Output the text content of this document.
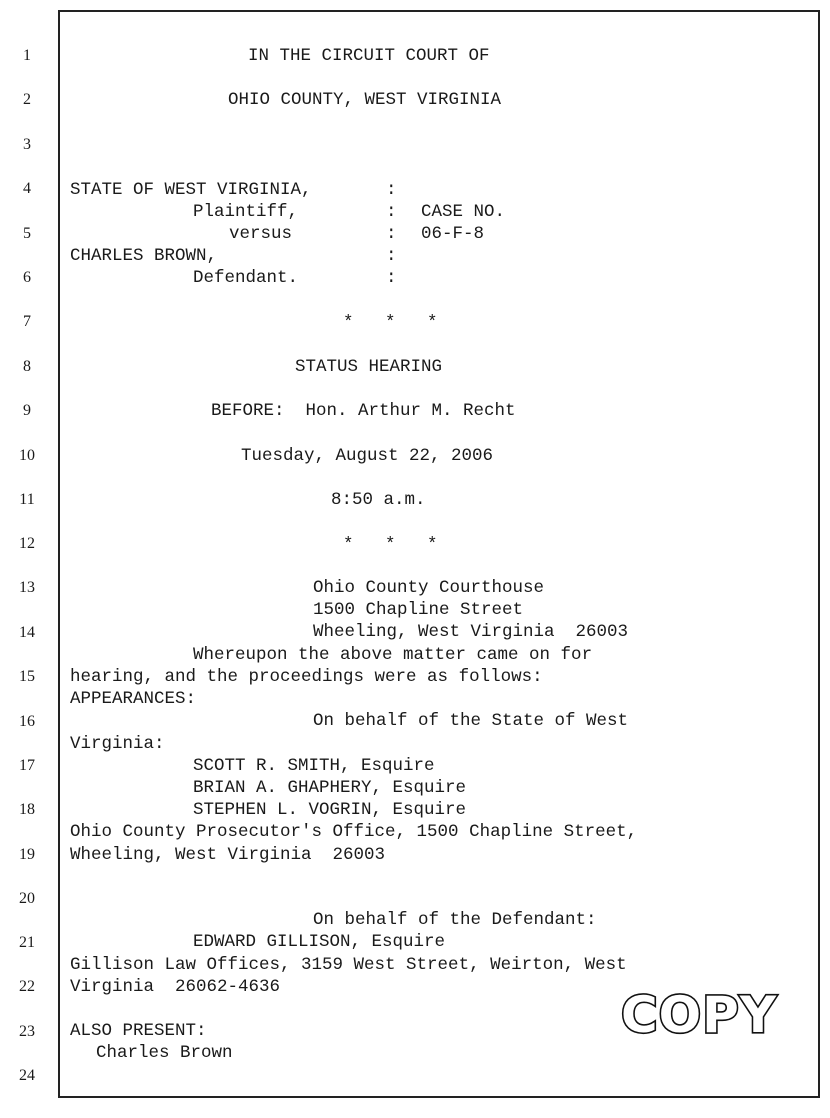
1
2
3
4
5
6
7
8
9
10
11
12
13
14
15
16
17
18
19
20
21
22
23
24
IN THE CIRCUIT COURT OF
OHIO COUNTY, WEST VIRGINIA
STATE OF WEST VIRGINIA,	:
Plaintiff,	: CASE NO.
versus	: 06-F-8
CHARLES BROWN,	:
Defendant.	:
*   *   *
STATUS HEARING
BEFORE:  Hon. Arthur M. Recht
Tuesday, August 22, 2006
8:50 a.m.
*   *   *
Ohio County Courthouse
1500 Chapline Street
Wheeling, West Virginia  26003
Whereupon the above matter came on for
hearing, and the proceedings were as follows:
APPEARANCES:
On behalf of the State of West
Virginia:
SCOTT R. SMITH, Esquire
BRIAN A. GHAPHERY, Esquire
STEPHEN L. VOGRIN, Esquire
Ohio County Prosecutor's Office, 1500 Chapline Street,
Wheeling, West Virginia  26003
On behalf of the Defendant:
EDWARD GILLISON, Esquire
Gillison Law Offices, 3159 West Street, Weirton, West
Virginia  26062-4636
ALSO PRESENT:
Charles Brown
COPY
